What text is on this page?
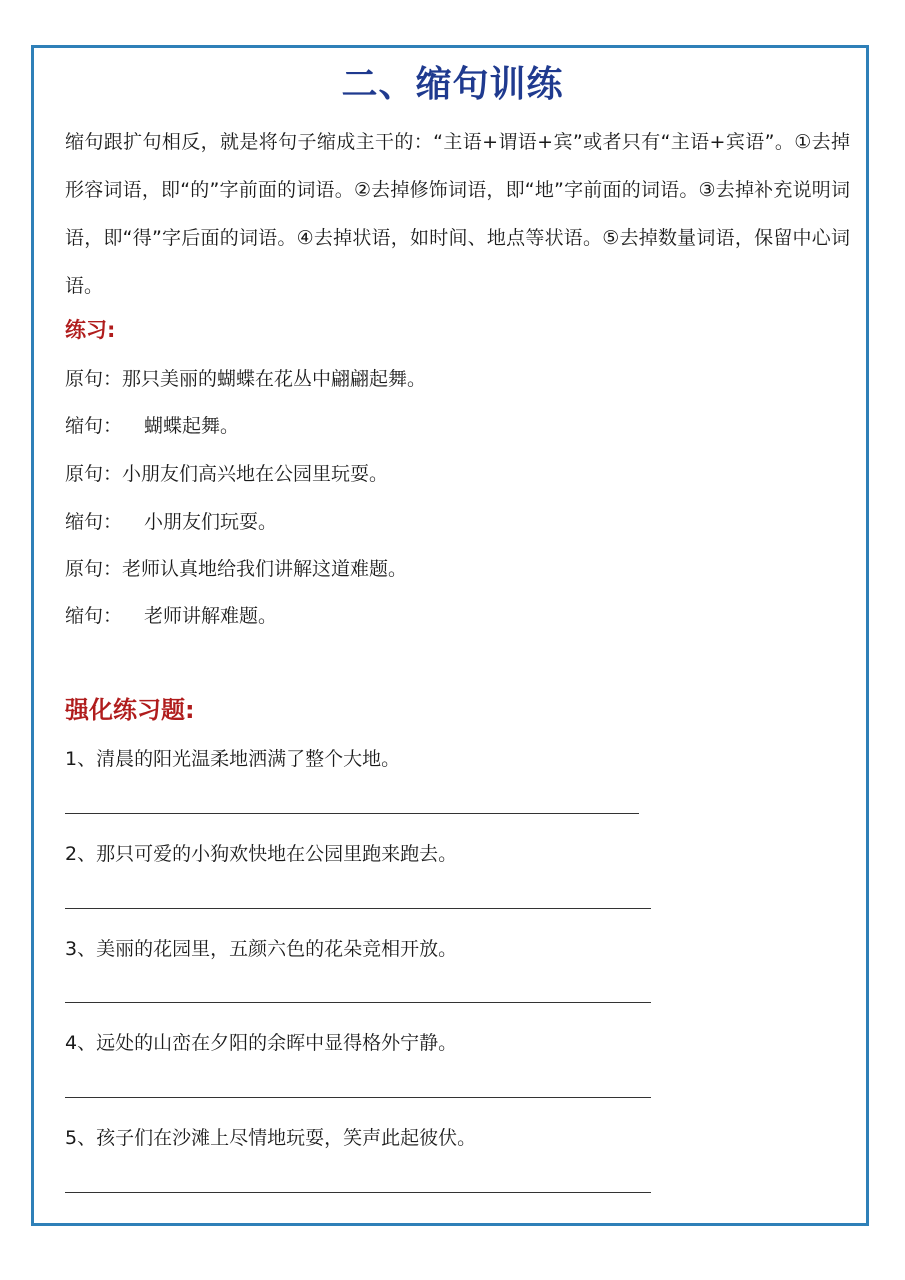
二、缩句训练

缩句跟扩句相反，就是将句子缩成主干的：“主语+谓语+宾”或者只有“主语+宾语”。①去掉形容词语，即“的”字前面的词语。②去掉修饰词语，即“地”字前面的词语。③去掉补充说明词语，即“得”字后面的词语。④去掉状语，如时间、地点等状语。⑤去掉数量词语，保留中心词语。

练习:

原句：那只美丽的蝴蝶在花丛中翩翩起舞。

缩句： 蝴蝶起舞。

原句：小朋友们高兴地在公园里玩耍。

缩句： 小朋友们玩耍。

原句：老师认真地给我们讲解这道难题。

缩句： 老师讲解难题。

强化练习题:

1、清晨的阳光温柔地洒满了整个大地。

2、那只可爱的小狗欢快地在公园里跑来跑去。

3、美丽的花园里，五颜六色的花朵竞相开放。

4、远处的山峦在夕阳的余晖中显得格外宁静。

5、孩子们在沙滩上尽情地玩耍，笑声此起彼伏。
